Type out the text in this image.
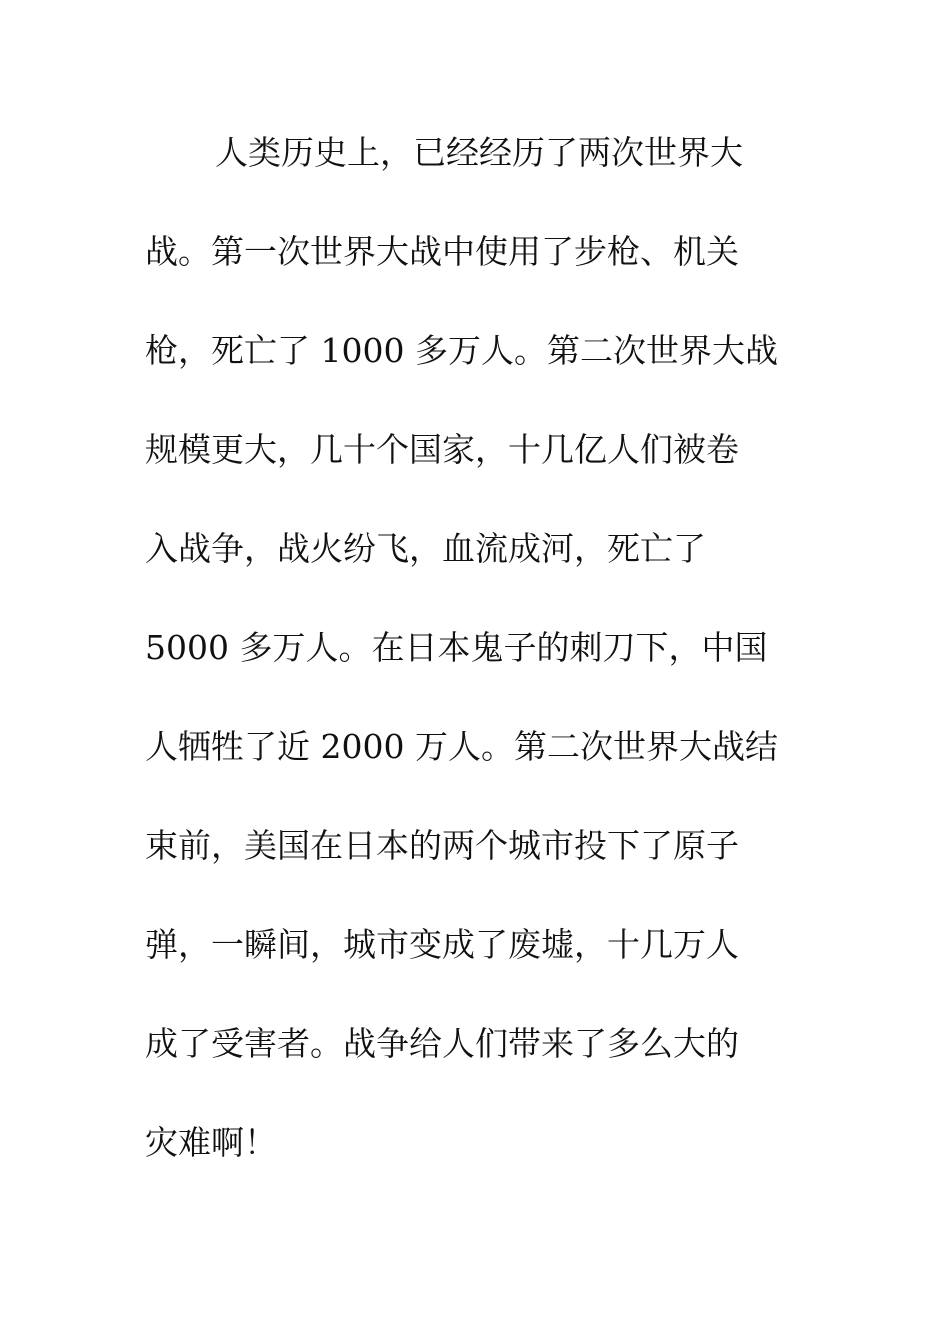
人类历史上，已经经历了两次世界大
战。第一次世界大战中使用了步枪、机关
枪，死亡了 1000 多万人。第二次世界大战
规模更大，几十个国家，十几亿人们被卷
入战争，战火纷飞，血流成河，死亡了
5000 多万人。在日本鬼子的刺刀下，中国
人牺牲了近 2000 万人。第二次世界大战结
束前，美国在日本的两个城市投下了原子
弹，一瞬间，城市变成了废墟，十几万人
成了受害者。战争给人们带来了多么大的
灾难啊！
